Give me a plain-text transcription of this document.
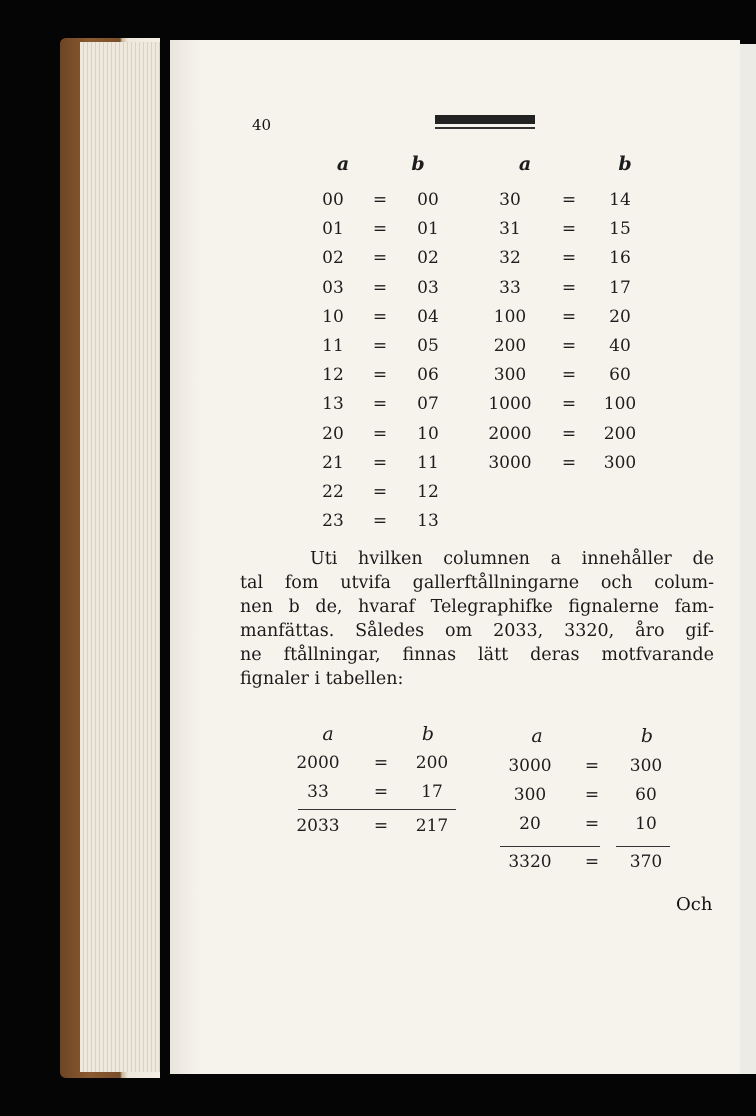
40
a	b	a	b
00	=	00
01	=	01
02	=	02
03	=	03
10	=	04
11	=	05
12	=	06
13	=	07
20	=	10
21	=	11
22	=	12
23	=	13
30	=	14
31	=	15
32	=	16
33	=	17
100	=	20
200	=	40
300	=	60
1000	=	100
2000	=	200
3000	=	300
Uti hvilken columnen a innehåller de
tal fom utvifa gallerftållningarne och colum-
nen b de, hvaraf Telegraphifke fignalerne fam-
manfättas. Således om 2033, 3320, åro gif-
ne ftållningar, finnas lätt deras motfvarande
fignaler i tabellen:
a	b
2000	=	200
33	=	17
2033	=	217
a	b
3000	=	300
300	=	60
20	=	10
3320	=	370
Och
